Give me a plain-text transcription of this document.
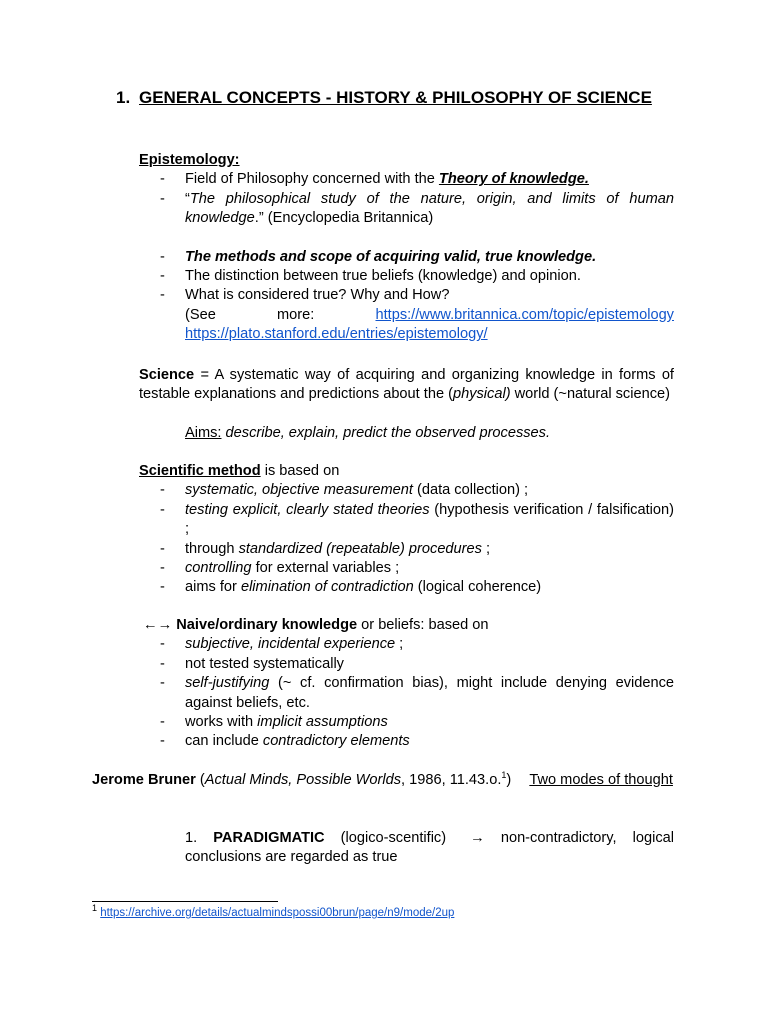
1. GENERAL CONCEPTS - HISTORY & PHILOSOPHY OF SCIENCE
Epistemology:
- Field of Philosophy concerned with the Theory of knowledge.
- “The philosophical study of the nature, origin, and limits of human knowledge.” (Encyclopedia Britannica)
- The methods and scope of acquiring valid, true knowledge.
- The distinction between true beliefs (knowledge) and opinion.
- What is considered true? Why and How?
(See	more:	https://www.britannica.com/topic/epistemology
https://plato.stanford.edu/entries/epistemology/
Science = A systematic way of acquiring and organizing knowledge in forms of testable explanations and predictions about the (physical) world (~natural science)
Aims: describe, explain, predict the observed processes.
Scientific method is based on
- systematic, objective measurement (data collection) ;
- testing explicit, clearly stated theories (hypothesis verification / falsification) ;
- through standardized (repeatable) procedures ;
- controlling for external variables ;
- aims for elimination of contradiction (logical coherence)
←→ Naive/ordinary knowledge or beliefs: based on
- subjective, incidental experience ;
- not tested systematically
- self-justifying (~ cf. confirmation bias), might include denying evidence against beliefs, etc.
- works with implicit assumptions
- can include contradictory elements
Jerome Bruner (Actual Minds, Possible Worlds, 1986, 11.43.o.$^1$) Two modes of thought
1. PARADIGMATIC (logico-scentific) → non-contradictory, logical conclusions are regarded as true
$^1$ https://archive.org/details/actualmindspossi00brun/page/n9/mode/2up
